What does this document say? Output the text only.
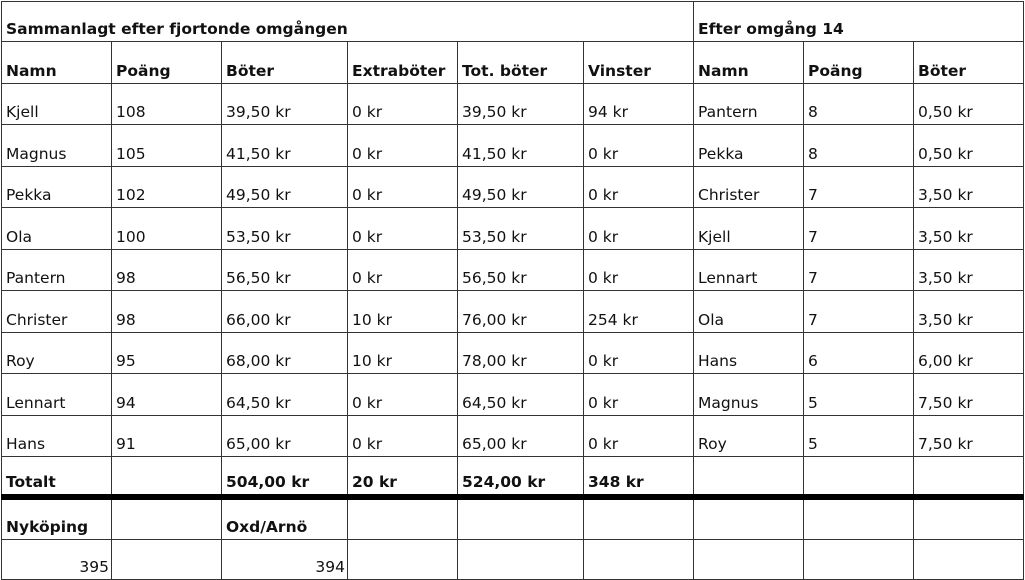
Sammanlagt efter fjortonde omgången						Efter omgång 14		
Namn	Poäng	Böter	Extraböter	Tot. böter	Vinster	Namn	Poäng	Böter
Kjell	108	39,50 kr	0 kr	39,50 kr	94 kr	Pantern	8	0,50 kr
Magnus	105	41,50 kr	0 kr	41,50 kr	0 kr	Pekka	8	0,50 kr
Pekka	102	49,50 kr	0 kr	49,50 kr	0 kr	Christer	7	3,50 kr
Ola	100	53,50 kr	0 kr	53,50 kr	0 kr	Kjell	7	3,50 kr
Pantern	98	56,50 kr	0 kr	56,50 kr	0 kr	Lennart	7	3,50 kr
Christer	98	66,00 kr	10 kr	76,00 kr	254 kr	Ola	7	3,50 kr
Roy	95	68,00 kr	10 kr	78,00 kr	0 kr	Hans	6	6,00 kr
Lennart	94	64,50 kr	0 kr	64,50 kr	0 kr	Magnus	5	7,50 kr
Hans	91	65,00 kr	0 kr	65,00 kr	0 kr	Roy	5	7,50 kr
Totalt		504,00 kr	20 kr	524,00 kr	348 kr			
Nyköping		Oxd/Arnö						
395		394						
